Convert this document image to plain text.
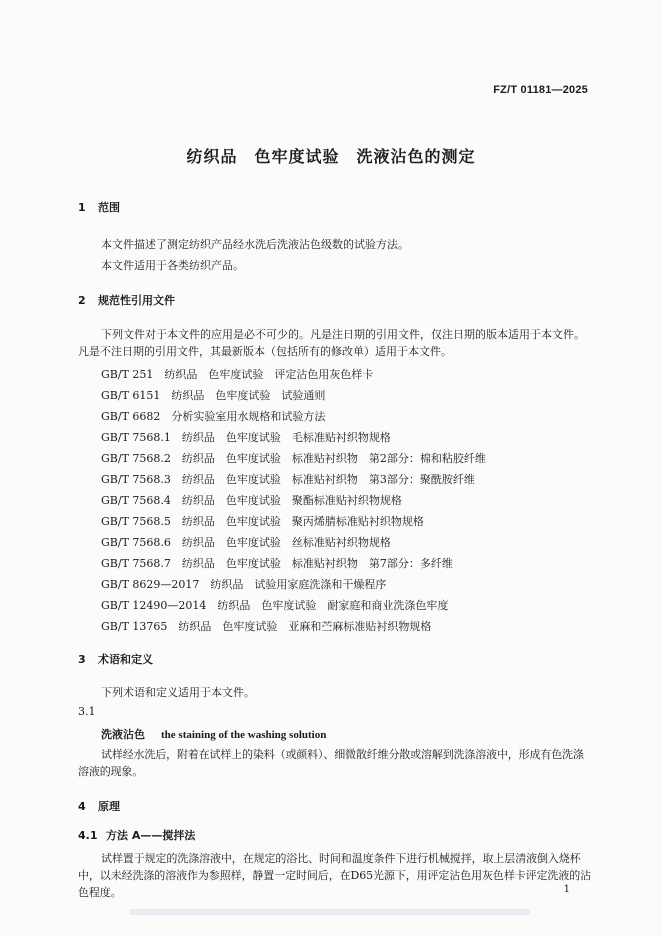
FZ/T 01181—2025
纺织品　色牢度试验　洗液沾色的测定
1 范围
本文件描述了测定纺织产品经水洗后洗液沾色级数的试验方法。
本文件适用于各类纺织产品。
2 规范性引用文件
下列文件对于本文件的应用是必不可少的。凡是注日期的引用文件，仅注日期的版本适用于本文件。凡是不注日期的引用文件，其最新版本（包括所有的修改单）适用于本文件。
GB/T 251　纺织品　色牢度试验　评定沾色用灰色样卡
GB/T 6151　纺织品　色牢度试验　试验通则
GB/T 6682　分析实验室用水规格和试验方法
GB/T 7568.1　纺织品　色牢度试验　毛标准贴衬织物规格
GB/T 7568.2　纺织品　色牢度试验　标准贴衬织物　第2部分：棉和粘胶纤维
GB/T 7568.3　纺织品　色牢度试验　标准贴衬织物　第3部分：聚酰胺纤维
GB/T 7568.4　纺织品　色牢度试验　聚酯标准贴衬织物规格
GB/T 7568.5　纺织品　色牢度试验　聚丙烯腈标准贴衬织物规格
GB/T 7568.6　纺织品　色牢度试验　丝标准贴衬织物规格
GB/T 7568.7　纺织品　色牢度试验　标准贴衬织物　第7部分：多纤维
GB/T 8629—2017　纺织品　试验用家庭洗涤和干燥程序
GB/T 12490—2014　纺织品　色牢度试验　耐家庭和商业洗涤色牢度
GB/T 13765　纺织品　色牢度试验　亚麻和苎麻标准贴衬织物规格
3 术语和定义
下列术语和定义适用于本文件。
3.1
洗液沾色 the staining of the washing solution
试样经水洗后，附着在试样上的染料（或颜料）、细微散纤维分散或溶解到洗涤溶液中，形成有色洗涤溶液的现象。
4 原理
4.1 方法 A——搅拌法
试样置于规定的洗涤溶液中，在规定的浴比、时间和温度条件下进行机械搅拌，取上层清液倒入烧杯中，以未经洗涤的溶液作为参照样，静置一定时间后，在D65光源下，用评定沾色用灰色样卡评定洗液的沾色程度。	1
